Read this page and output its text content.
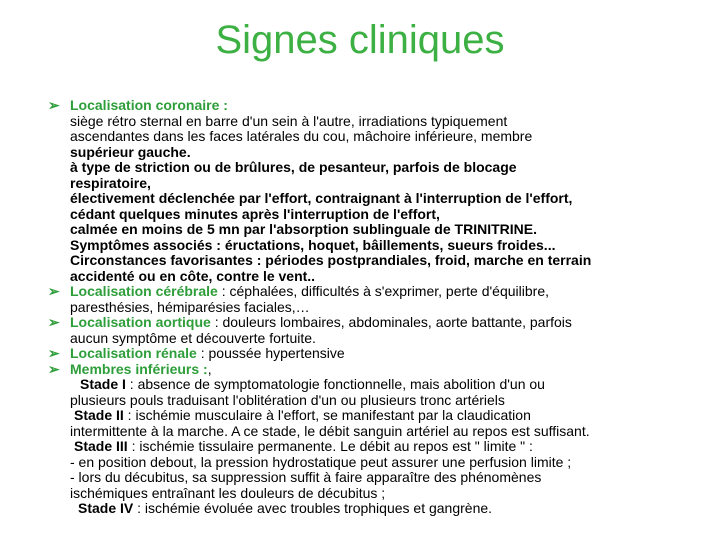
Signes cliniques
➢ Localisation coronaire :
siège rétro sternal en barre d'un sein à l'autre, irradiations typiquement
ascendantes dans les faces latérales du cou, mâchoire inférieure, membre
supérieur gauche.
à type de striction ou de brûlures, de pesanteur, parfois de blocage
respiratoire,
électivement déclenchée par l'effort, contraignant à l'interruption de l'effort,
cédant quelques minutes après l'interruption de l'effort,
calmée en moins de 5 mn par l'absorption sublinguale de TRINITRINE.
Symptômes associés : éructations, hoquet, bâillements, sueurs froides...
Circonstances favorisantes : périodes postprandiales, froid, marche en terrain
accidenté ou en côte, contre le vent..
➢ Localisation cérébrale : céphalées, difficultés à s'exprimer, perte d'équilibre,
paresthésies, hémiparésies faciales,…
➢ Localisation aortique : douleurs lombaires, abdominales, aorte battante, parfois
aucun symptôme et découverte fortuite.
➢ Localisation rénale : poussée hypertensive
➢ Membres inférieurs :,
Stade I : absence de symptomatologie fonctionnelle, mais abolition d'un ou
plusieurs pouls traduisant l'oblitération d'un ou plusieurs tronc artériels
Stade II : ischémie musculaire à l'effort, se manifestant par la claudication
intermittente à la marche. A ce stade, le débit sanguin artériel au repos est suffisant.
Stade III : ischémie tissulaire permanente. Le débit au repos est " limite " :
- en position debout, la pression hydrostatique peut assurer une perfusion limite ;
- lors du décubitus, sa suppression suffit à faire apparaître des phénomènes
ischémiques entraînant les douleurs de décubitus ;
Stade IV : ischémie évoluée avec troubles trophiques et gangrène.
